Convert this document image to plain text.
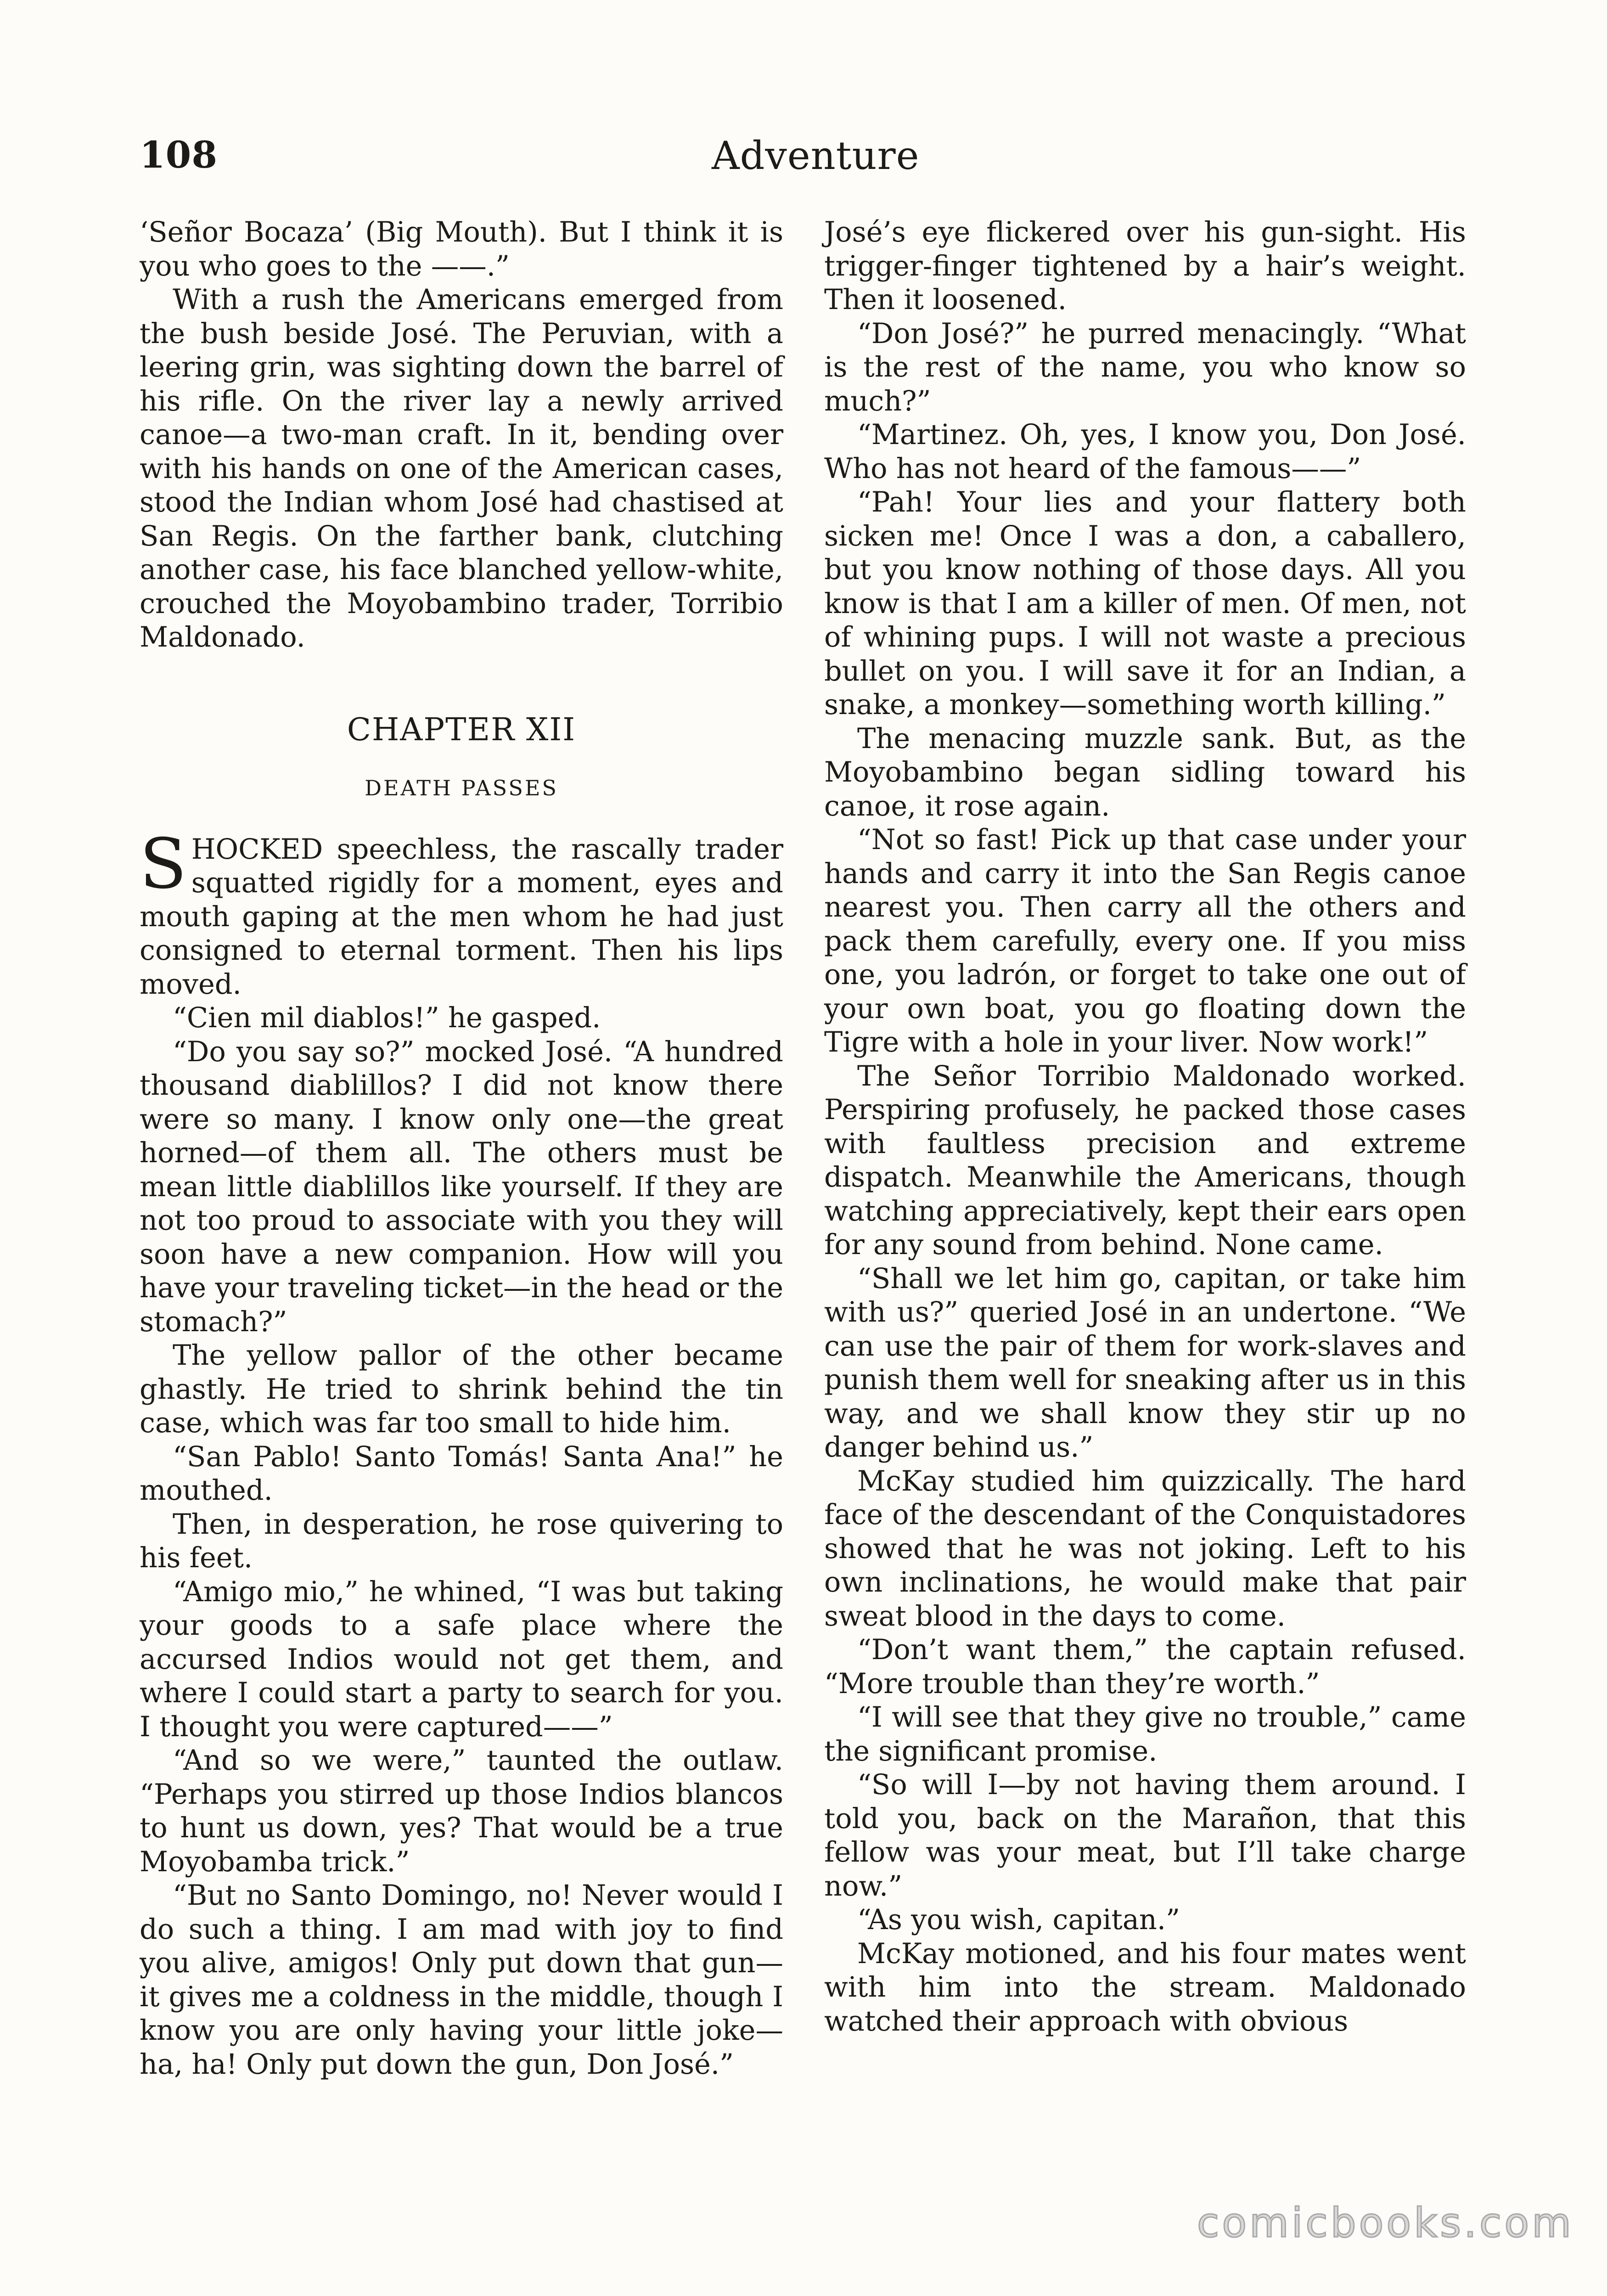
108	Adventure

‘Señor Bocaza’ (Big Mouth). But I think it is you who goes to the ——.”

With a rush the Americans emerged from the bush beside José. The Peruvian, with a leering grin, was sighting down the barrel of his rifle. On the river lay a newly arrived canoe—a two-man craft. In it, bending over with his hands on one of the American cases, stood the Indian whom José had chastised at San Regis. On the farther bank, clutching another case, his face blanched yellow-white, crouched the Moyobambino trader, Torribio Maldonado.

CHAPTER XII
DEATH PASSES

SHOCKED speechless, the rascally trader squatted rigidly for a moment, eyes and mouth gaping at the men whom he had just consigned to eternal torment. Then his lips moved.

“Cien mil diablos!” he gasped.

“Do you say so?” mocked José. “A hundred thousand diablillos? I did not know there were so many. I know only one—the great horned—of them all. The others must be mean little diablillos like yourself. If they are not too proud to associate with you they will soon have a new companion. How will you have your traveling ticket—in the head or the stomach?”

The yellow pallor of the other became ghastly. He tried to shrink behind the tin case, which was far too small to hide him.

“San Pablo! Santo Tomás! Santa Ana!” he mouthed.

Then, in desperation, he rose quivering to his feet.

“Amigo mio,” he whined, “I was but taking your goods to a safe place where the accursed Indios would not get them, and where I could start a party to search for you. I thought you were captured——”

“And so we were,” taunted the outlaw. “Perhaps you stirred up those Indios blancos to hunt us down, yes? That would be a true Moyobamba trick.”

“But no Santo Domingo, no! Never would I do such a thing. I am mad with joy to find you alive, amigos! Only put down that gun—it gives me a coldness in the middle, though I know you are only having your little joke—ha, ha! Only put down the gun, Don José.”

José’s eye flickered over his gun-sight. His trigger-finger tightened by a hair’s weight. Then it loosened.

“Don José?” he purred menacingly. “What is the rest of the name, you who know so much?”

“Martinez. Oh, yes, I know you, Don José. Who has not heard of the famous——”

“Pah! Your lies and your flattery both sicken me! Once I was a don, a caballero, but you know nothing of those days. All you know is that I am a killer of men. Of men, not of whining pups. I will not waste a precious bullet on you. I will save it for an Indian, a snake, a monkey—something worth killing.”

The menacing muzzle sank. But, as the Moyobambino began sidling toward his canoe, it rose again.

“Not so fast! Pick up that case under your hands and carry it into the San Regis canoe nearest you. Then carry all the others and pack them carefully, every one. If you miss one, you ladrón, or forget to take one out of your own boat, you go floating down the Tigre with a hole in your liver. Now work!”

The Señor Torribio Maldonado worked. Perspiring profusely, he packed those cases with faultless precision and extreme dispatch. Meanwhile the Americans, though watching appreciatively, kept their ears open for any sound from behind. None came.

“Shall we let him go, capitan, or take him with us?” queried José in an undertone. “We can use the pair of them for work-slaves and punish them well for sneaking after us in this way, and we shall know they stir up no danger behind us.”

McKay studied him quizzically. The hard face of the descendant of the Conquistadores showed that he was not joking. Left to his own inclinations, he would make that pair sweat blood in the days to come.

“Don’t want them,” the captain refused. “More trouble than they’re worth.”

“I will see that they give no trouble,” came the significant promise.

“So will I—by not having them around. I told you, back on the Marañon, that this fellow was your meat, but I’ll take charge now.”

“As you wish, capitan.”

McKay motioned, and his four mates went with him into the stream. Maldonado watched their approach with obvious

comicbooks.com
